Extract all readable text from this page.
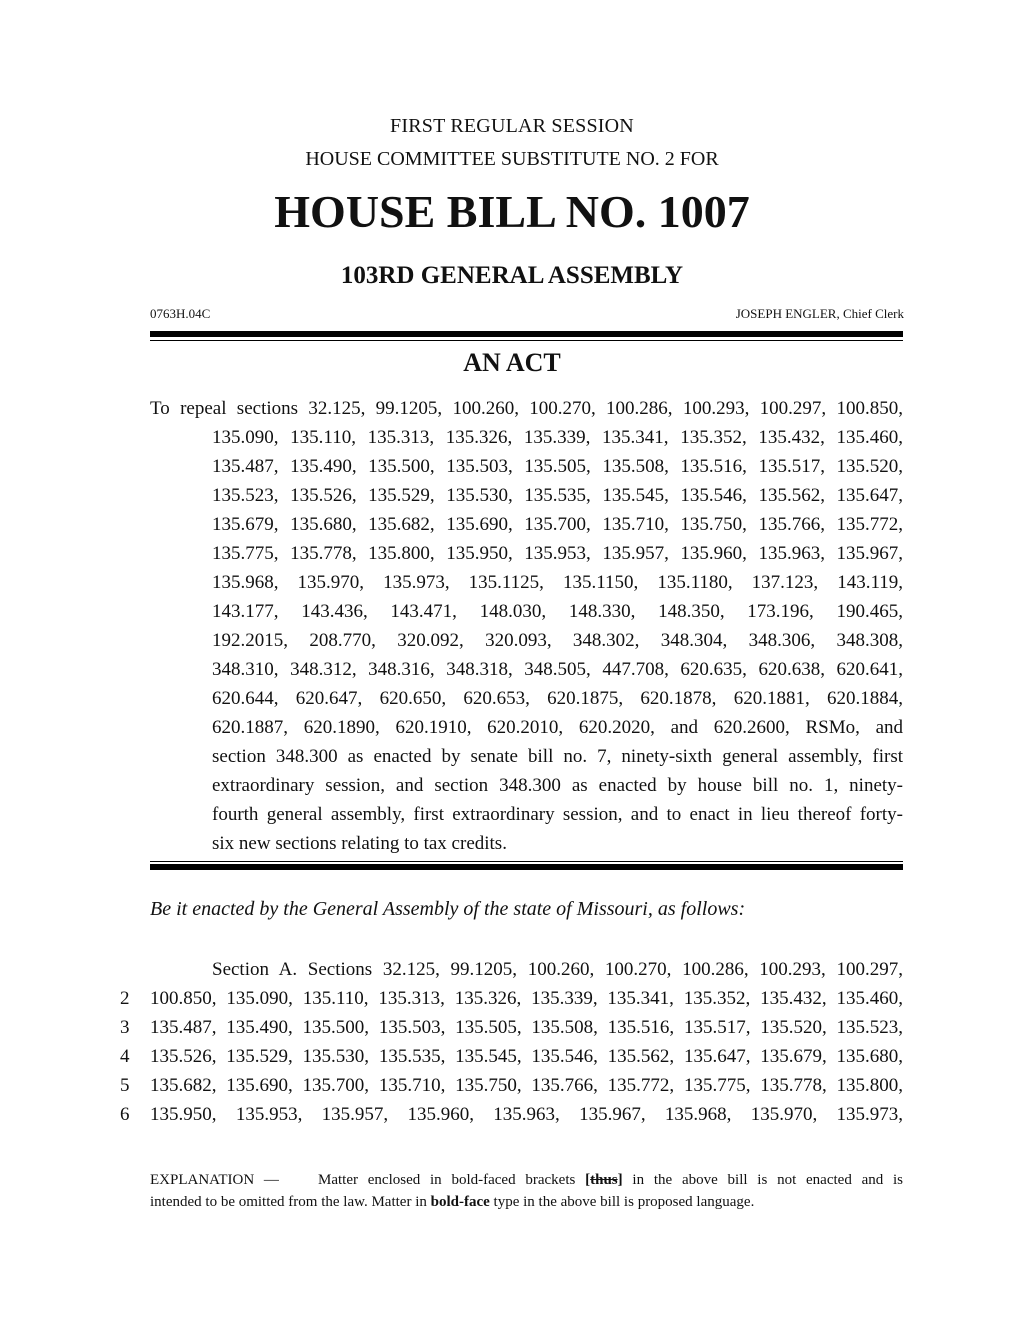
FIRST REGULAR SESSION
HOUSE COMMITTEE SUBSTITUTE NO. 2 FOR
HOUSE BILL NO. 1007
103RD GENERAL ASSEMBLY
0763H.04C	JOSEPH ENGLER, Chief Clerk
AN ACT
To repeal sections 32.125, 99.1205, 100.260, 100.270, 100.286, 100.293, 100.297, 100.850,
135.090, 135.110, 135.313, 135.326, 135.339, 135.341, 135.352, 135.432, 135.460,
135.487, 135.490, 135.500, 135.503, 135.505, 135.508, 135.516, 135.517, 135.520,
135.523, 135.526, 135.529, 135.530, 135.535, 135.545, 135.546, 135.562, 135.647,
135.679, 135.680, 135.682, 135.690, 135.700, 135.710, 135.750, 135.766, 135.772,
135.775, 135.778, 135.800, 135.950, 135.953, 135.957, 135.960, 135.963, 135.967,
135.968, 135.970, 135.973, 135.1125, 135.1150, 135.1180, 137.123, 143.119,
143.177, 143.436, 143.471, 148.030, 148.330, 148.350, 173.196, 190.465,
192.2015, 208.770, 320.092, 320.093, 348.302, 348.304, 348.306, 348.308,
348.310, 348.312, 348.316, 348.318, 348.505, 447.708, 620.635, 620.638, 620.641,
620.644, 620.647, 620.650, 620.653, 620.1875, 620.1878, 620.1881, 620.1884,
620.1887, 620.1890, 620.1910, 620.2010, 620.2020, and 620.2600, RSMo, and
section 348.300 as enacted by senate bill no. 7, ninety-sixth general assembly, first
extraordinary session, and section 348.300 as enacted by house bill no. 1, ninety-
fourth general assembly, first extraordinary session, and to enact in lieu thereof forty-
six new sections relating to tax credits.
Be it enacted by the General Assembly of the state of Missouri, as follows:
Section A. Sections 32.125, 99.1205, 100.260, 100.270, 100.286, 100.293, 100.297,
2	100.850, 135.090, 135.110, 135.313, 135.326, 135.339, 135.341, 135.352, 135.432, 135.460,
3	135.487, 135.490, 135.500, 135.503, 135.505, 135.508, 135.516, 135.517, 135.520, 135.523,
4	135.526, 135.529, 135.530, 135.535, 135.545, 135.546, 135.562, 135.647, 135.679, 135.680,
5	135.682, 135.690, 135.700, 135.710, 135.750, 135.766, 135.772, 135.775, 135.778, 135.800,
6	135.950, 135.953, 135.957, 135.960, 135.963, 135.967, 135.968, 135.970, 135.973,
EXPLANATION —	Matter enclosed in bold-faced brackets [thus] in the above bill is not enacted and is
intended to be omitted from the law. Matter in bold-face type in the above bill is proposed language.
